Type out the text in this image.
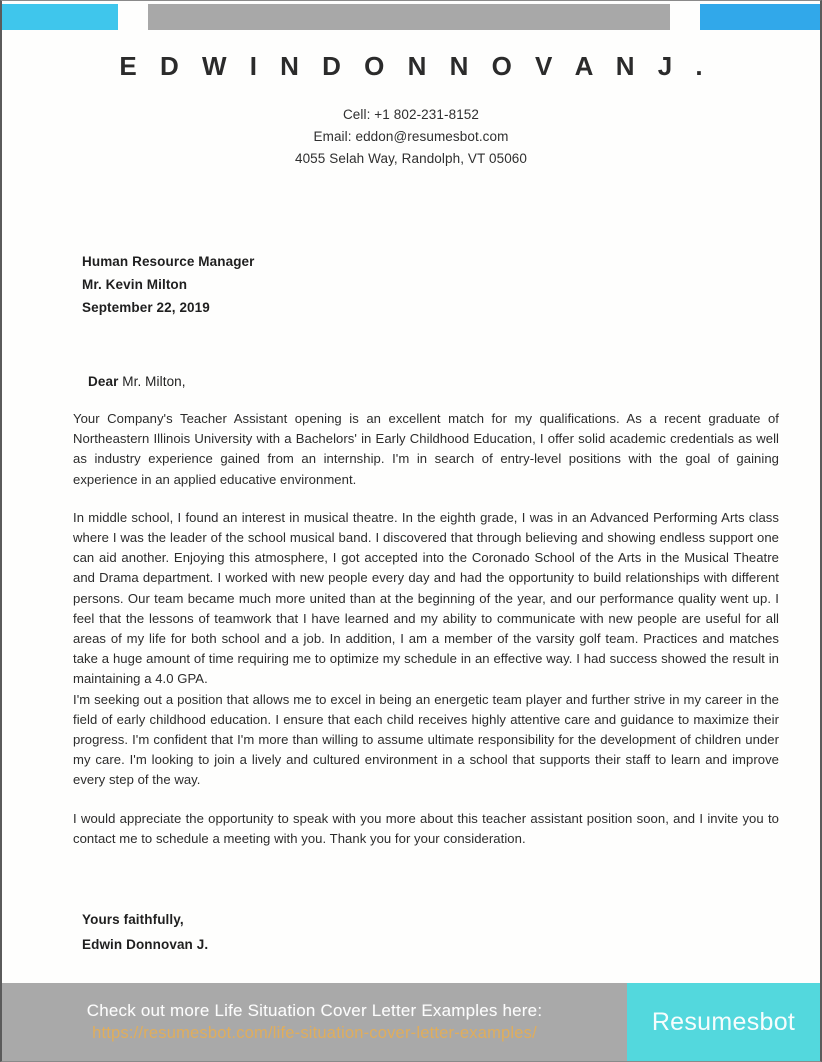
E D W I N D O N N O V A N J .
Cell: +1 802-231-8152
Email: eddon@resumesbot.com
4055 Selah Way, Randolph, VT 05060
Human Resource Manager
Mr. Kevin Milton
September 22, 2019
Dear Mr. Milton,

Your Company's Teacher Assistant opening is an excellent match for my qualifications. As a recent graduate of Northeastern Illinois University with a Bachelors' in Early Childhood Education, I offer solid academic credentials as well as industry experience gained from an internship. I'm in search of entry-level positions with the goal of gaining experience in an applied educative environment.

In middle school, I found an interest in musical theatre. In the eighth grade, I was in an Advanced Performing Arts class where I was the leader of the school musical band. I discovered that through believing and showing endless support one can aid another. Enjoying this atmosphere, I got accepted into the Coronado School of the Arts in the Musical Theatre and Drama department. I worked with new people every day and had the opportunity to build relationships with different persons. Our team became much more united than at the beginning of the year, and our performance quality went up. I feel that the lessons of teamwork that I have learned and my ability to communicate with new people are useful for all areas of my life for both school and a job. In addition, I am a member of the varsity golf team. Practices and matches take a huge amount of time requiring me to optimize my schedule in an effective way. I had success showed the result in maintaining a 4.0 GPA.

I'm seeking out a position that allows me to excel in being an energetic team player and further strive in my career in the field of early childhood education. I ensure that each child receives highly attentive care and guidance to maximize their progress. I'm confident that I'm more than willing to assume ultimate responsibility for the development of children under my care. I'm looking to join a lively and cultured environment in a school that supports their staff to learn and improve every step of the way.

I would appreciate the opportunity to speak with you more about this teacher assistant position soon, and I invite you to contact me to schedule a meeting with you. Thank you for your consideration.

Yours faithfully,
Edwin Donnovan J.
Check out more Life Situation Cover Letter Examples here:
https://resumesbot.com/life-situation-cover-letter-examples/	Resumesbot
